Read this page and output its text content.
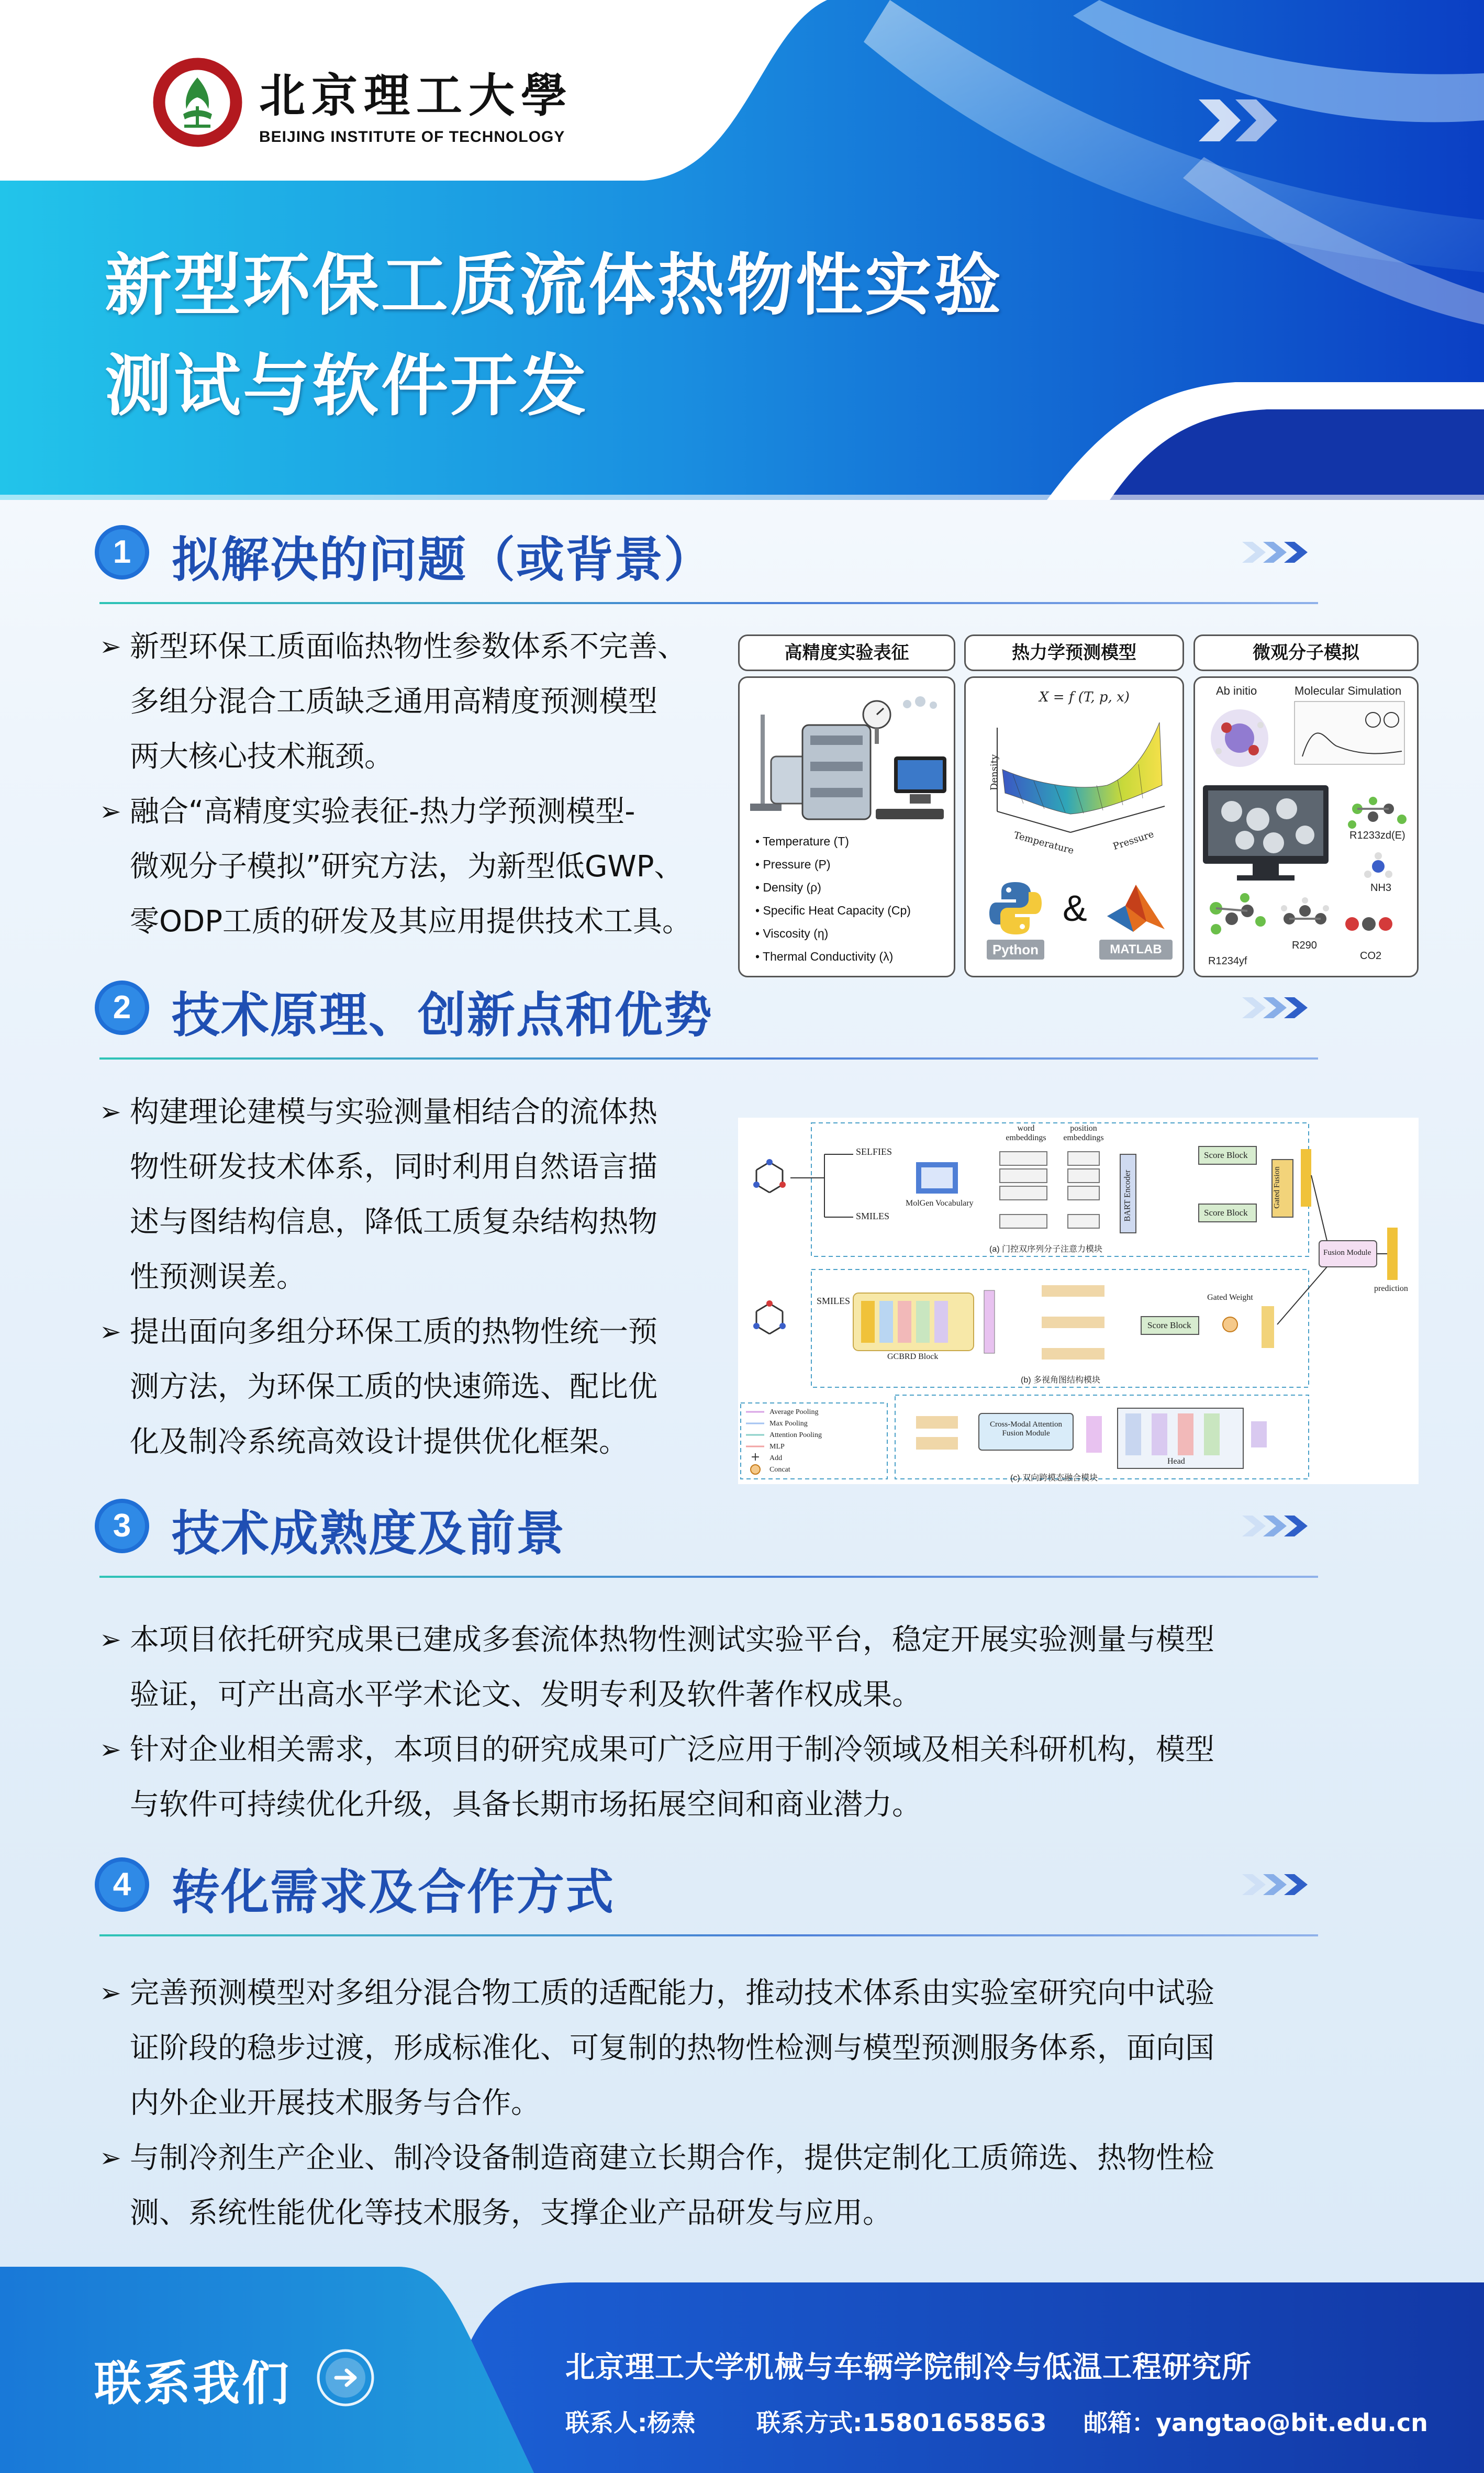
北京理工大學
BEIJING INSTITUTE OF TECHNOLOGY
新型环保工质流体热物性实验
测试与软件开发
1 拟解决的问题（或背景）
➢ 新型环保工质面临热物性参数体系不完善、
多组分混合工质缺乏通用高精度预测模型
两大核心技术瓶颈。
➢ 融合“高精度实验表征-热力学预测模型-
微观分子模拟”研究方法，为新型低GWP、
零ODP工质的研发及其应用提供技术工具。
高精度实验表征	热力学预测模型	微观分子模拟
• Temperature (T)
• Pressure (P)
• Density (ρ)
• Specific Heat Capacity (Cp)
• Viscosity (η)
• Thermal Conductivity (λ)
X = f (T, p, x)
Density
Temperature	Pressure
Python
&
MATLAB
Ab initio	Molecular Simulation
R1233zd(E)
NH3
R290
R1234yf	CO2
2 技术原理、创新点和优势
➢ 构建理论建模与实验测量相结合的流体热
物性研发技术体系，同时利用自然语言描
述与图结构信息，降低工质复杂结构热物
性预测误差。
➢ 提出面向多组分环保工质的热物性统一预
测方法，为环保工质的快速筛选、配比优
化及制冷系统高效设计提供优化框架。	+
SELFIES
SMILES
word embeddings
position embeddings
MolGen Vocabulary	BART Encoder
Score Block
Score Block
Gated Fusion
(a) 门控双序列分子注意力模块
SMILES
GCBRD Block
Gated Weight
Score Block
(b) 多视角图结构模块
Fusion Module
prediction
Average Pooling
Max Pooling
Attention Pooling
MLP
Add
Concat
Cross-Modal Attention Fusion Module
Head
(c) 双向跨模态融合模块
3 技术成熟度及前景
➢ 本项目依托研究成果已建成多套流体热物性测试实验平台，稳定开展实验测量与模型
验证，可产出高水平学术论文、发明专利及软件著作权成果。
➢ 针对企业相关需求，本项目的研究成果可广泛应用于制冷领域及相关科研机构，模型
与软件可持续优化升级，具备长期市场拓展空间和商业潜力。
4 转化需求及合作方式
➢ 完善预测模型对多组分混合物工质的适配能力，推动技术体系由实验室研究向中试验
证阶段的稳步过渡，形成标准化、可复制的热物性检测与模型预测服务体系，面向国
内外企业开展技术服务与合作。
➢ 与制冷剂生产企业、制冷设备制造商建立长期合作，提供定制化工质筛选、热物性检
测、系统性能优化等技术服务，支撑企业产品研发与应用。
联系我们	北京理工大学机械与车辆学院制冷与低温工程研究所
联系人:杨焘	联系方式:15801658563 邮箱：yangtao@bit.edu.cn
